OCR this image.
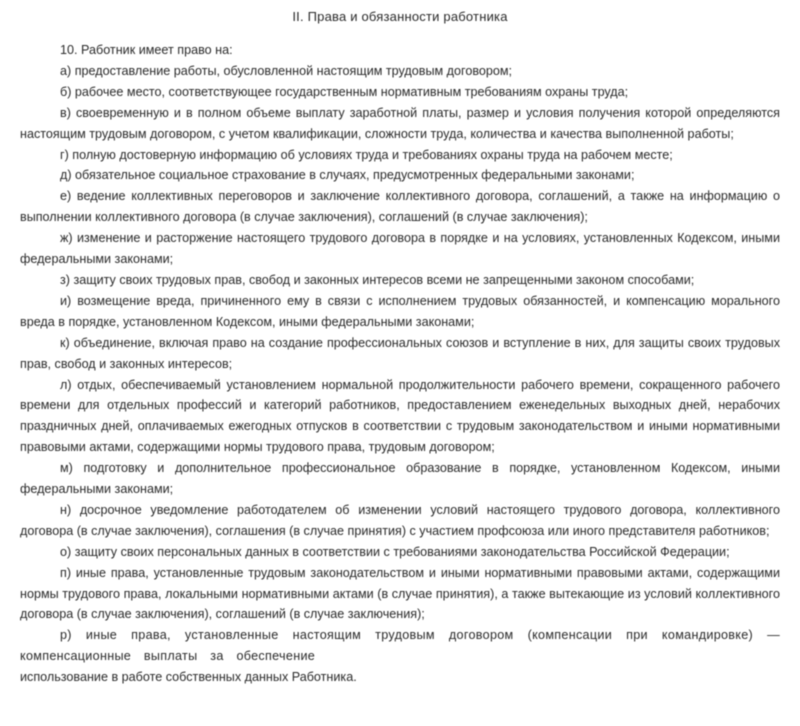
II. Права и обязанности работника

10. Работник имеет право на:

а) предоставление работы, обусловленной настоящим трудовым договором;

б) рабочее место, соответствующее государственным нормативным требованиям охраны труда;

в) своевременную и в полном объеме выплату заработной платы, размер и условия получения которой определяются настоящим трудовым договором, с учетом квалификации, сложности труда, количества и качества выполненной работы;

г) полную достоверную информацию об условиях труда и требованиях охраны труда на рабочем месте;

д) обязательное социальное страхование в случаях, предусмотренных федеральными законами;

е) ведение коллективных переговоров и заключение коллективного договора, соглашений, а также на информацию о выполнении коллективного договора (в случае заключения), соглашений (в случае заключения);

ж) изменение и расторжение настоящего трудового договора в порядке и на условиях, установленных Кодексом, иными федеральными законами;

з) защиту своих трудовых прав, свобод и законных интересов всеми не запрещенными законом способами;

и) возмещение вреда, причиненного ему в связи с исполнением трудовых обязанностей, и компенсацию морального вреда в порядке, установленном Кодексом, иными федеральными законами;

к) объединение, включая право на создание профессиональных союзов и вступление в них, для защиты своих трудовых прав, свобод и законных интересов;

л) отдых, обеспечиваемый установлением нормальной продолжительности рабочего времени, сокращенного рабочего времени для отдельных профессий и категорий работников, предоставлением еженедельных выходных дней, нерабочих праздничных дней, оплачиваемых ежегодных отпусков в соответствии с трудовым законодательством и иными нормативными правовыми актами, содержащими нормы трудового права, трудовым договором;

м) подготовку и дополнительное профессиональное образование в порядке, установленном Кодексом, иными федеральными законами;

н) досрочное уведомление работодателем об изменении условий настоящего трудового договора, коллективного договора (в случае заключения), соглашения (в случае принятия) с участием профсоюза или иного представителя работников;

о) защиту своих персональных данных в соответствии с требованиями законодательства Российской Федерации;

п) иные права, установленные трудовым законодательством и иными нормативными правовыми актами, содержащими нормы трудового права, локальными нормативными актами (в случае принятия), а также вытекающие из условий коллективного договора (в случае заключения), соглашений (в случае заключения);

р) иные права, установленные настоящим трудовым договором (компенсации при командировке) — компенсационные выплаты за обеспечение

использование в работе собственных данных Работника.
